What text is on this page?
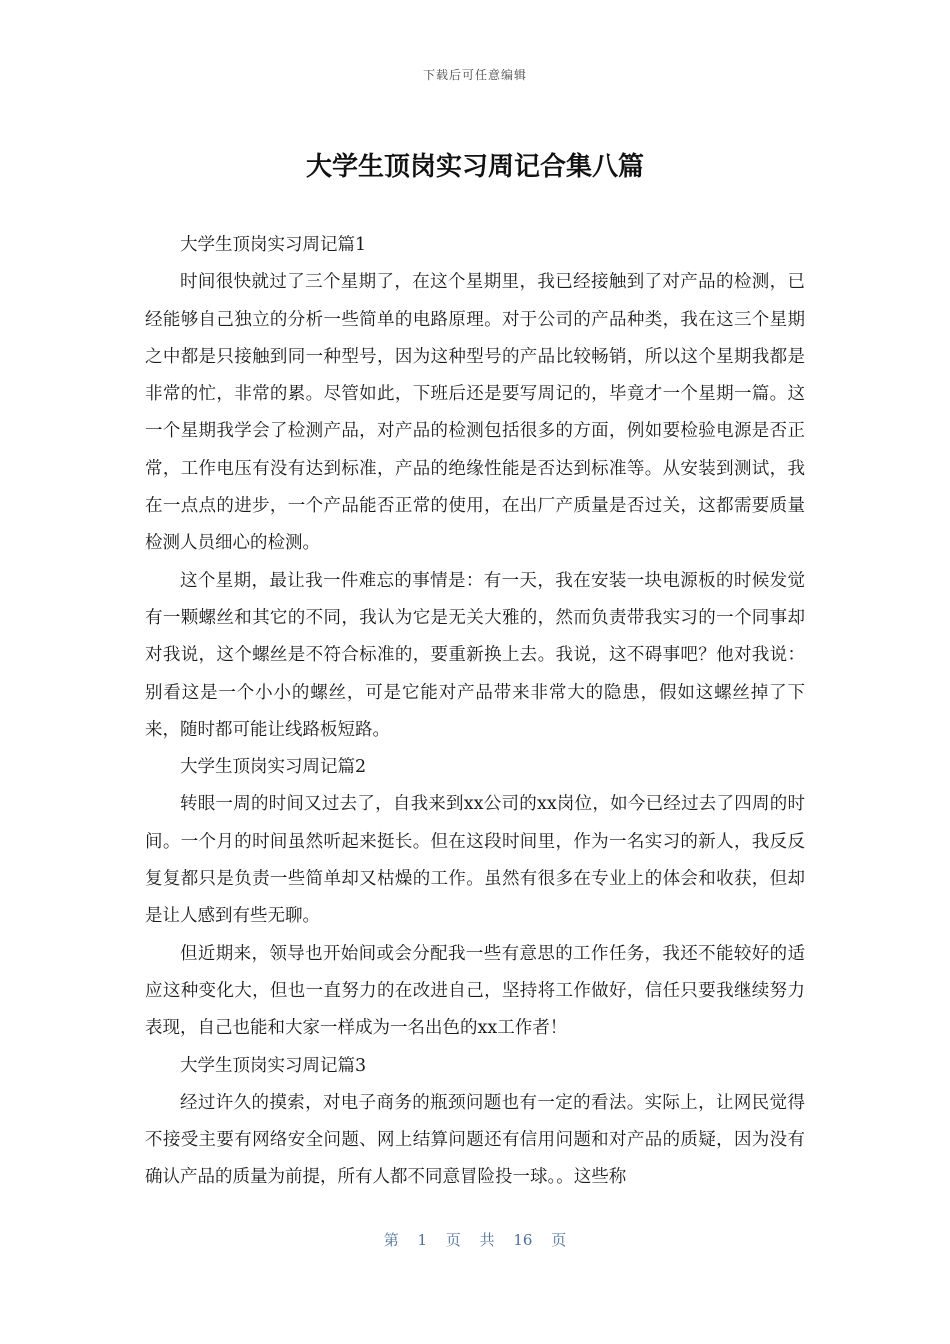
下载后可任意编辑
大学生顶岗实习周记合集八篇

大学生顶岗实习周记篇1

时间很快就过了三个星期了，在这个星期里，我已经接触到了对产品的检测，已经能够自己独立的分析一些简单的电路原理。对于公司的产品种类，我在这三个星期之中都是只接触到同一种型号，因为这种型号的产品比较畅销，所以这个星期我都是非常的忙，非常的累。尽管如此，下班后还是要写周记的，毕竟才一个星期一篇。这一个星期我学会了检测产品，对产品的检测包括很多的方面，例如要检验电源是否正常，工作电压有没有达到标准，产品的绝缘性能是否达到标准等。从安装到测试，我在一点点的进步，一个产品能否正常的使用，在出厂产质量是否过关，这都需要质量检测人员细心的检测。

这个星期，最让我一件难忘的事情是：有一天，我在安装一块电源板的时候发觉有一颗螺丝和其它的不同，我认为它是无关大雅的，然而负责带我实习的一个同事却对我说，这个螺丝是不符合标准的，要重新换上去。我说，这不碍事吧？他对我说：别看这是一个小小的螺丝，可是它能对产品带来非常大的隐患，假如这螺丝掉了下来，随时都可能让线路板短路。

大学生顶岗实习周记篇2

转眼一周的时间又过去了，自我来到xx公司的xx岗位，如今已经过去了四周的时间。一个月的时间虽然听起来挺长。但在这段时间里，作为一名实习的新人，我反反复复都只是负责一些简单却又枯燥的工作。虽然有很多在专业上的体会和收获，但却是让人感到有些无聊。

但近期来，领导也开始间或会分配我一些有意思的工作任务，我还不能较好的适应这种变化大，但也一直努力的在改进自己，坚持将工作做好，信任只要我继续努力表现，自己也能和大家一样成为一名出色的xx工作者！

大学生顶岗实习周记篇3

经过许久的摸索，对电子商务的瓶颈问题也有一定的看法。实际上，让网民觉得不接受主要有网络安全问题、网上结算问题还有信用问题和对产品的质疑，因为没有确认产品的质量为前提，所有人都不同意冒险投一球。。这些称

第 1 页 共 16 页
